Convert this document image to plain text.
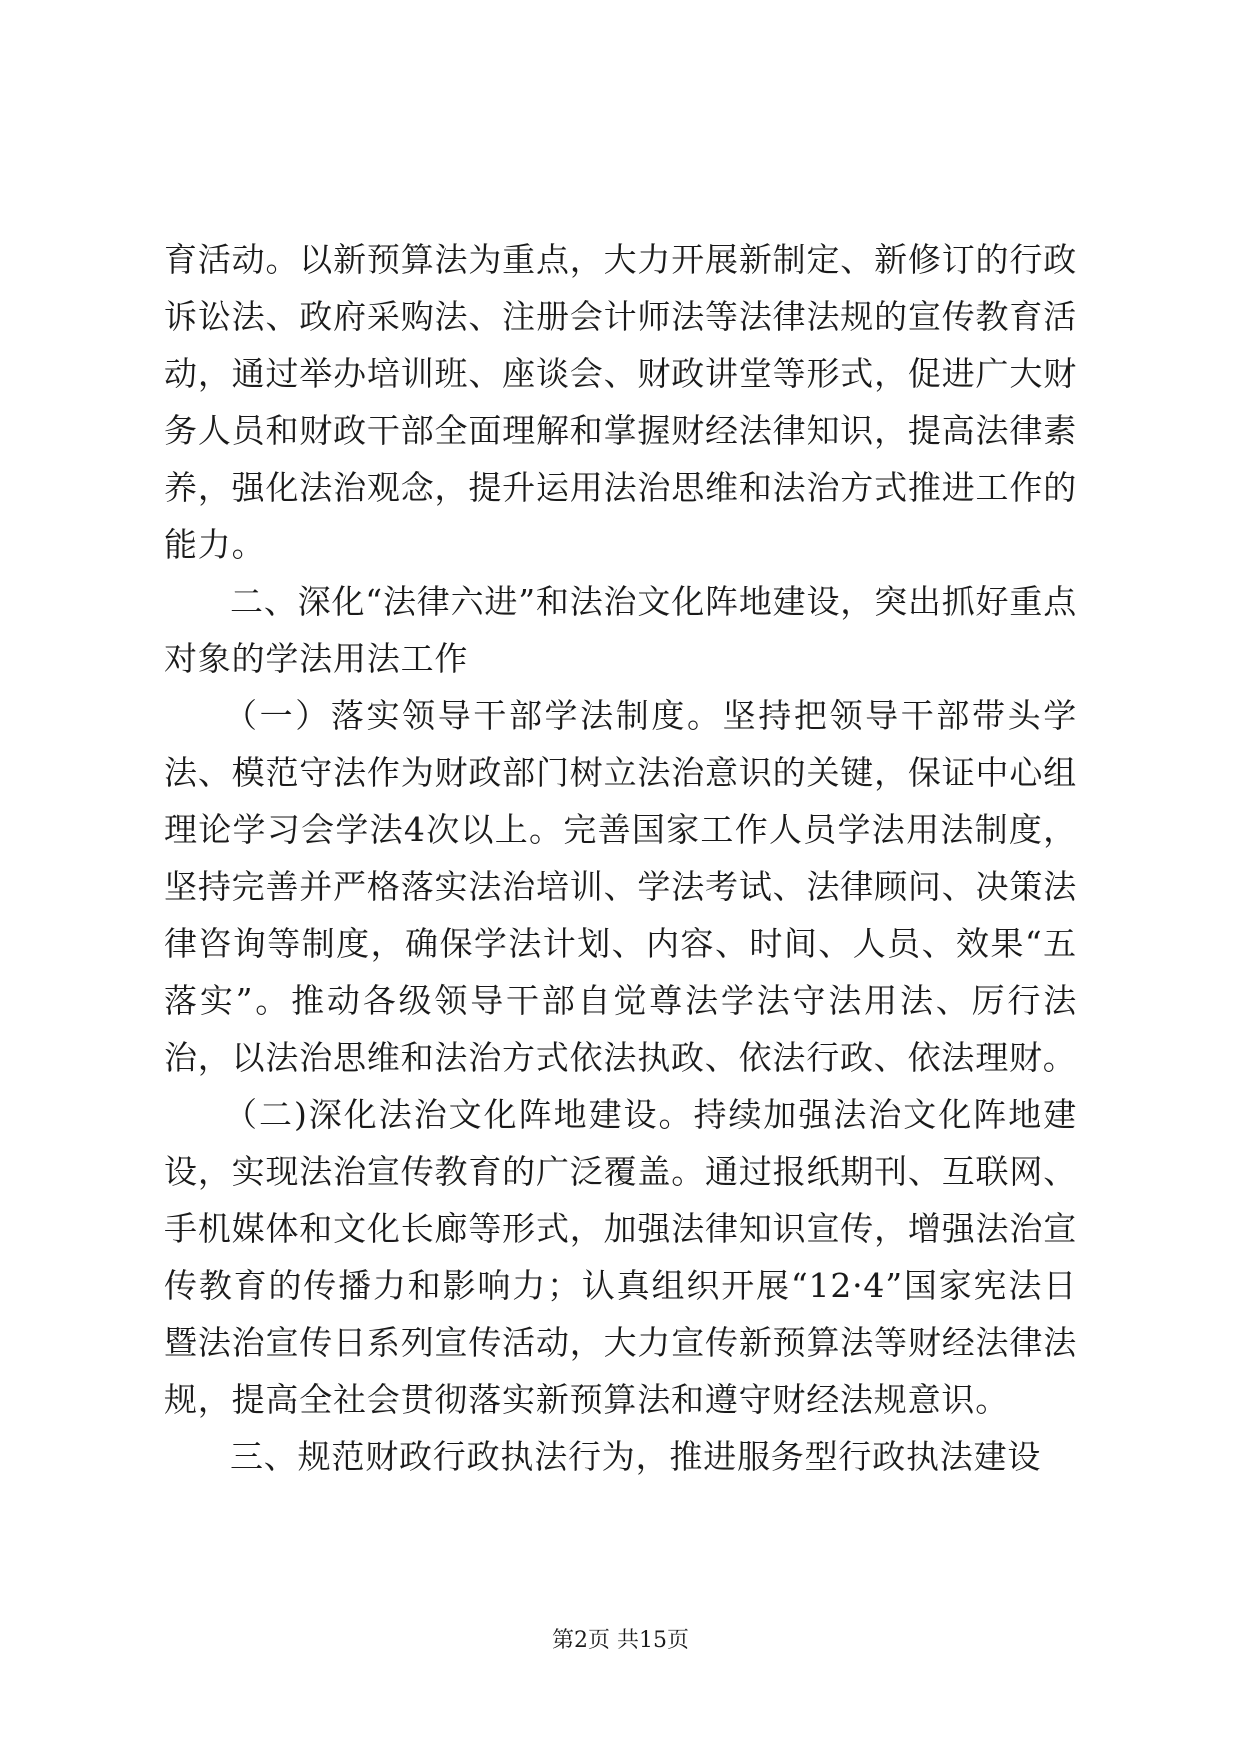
育活动。以新预算法为重点，大力开展新制定、新修订的行政诉讼法、政府采购法、注册会计师法等法律法规的宣传教育活动，通过举办培训班、座谈会、财政讲堂等形式，促进广大财务人员和财政干部全面理解和掌握财经法律知识，提高法律素养，强化法治观念，提升运用法治思维和法治方式推进工作的能力。

二、深化“法律六进”和法治文化阵地建设，突出抓好重点对象的学法用法工作

（一）落实领导干部学法制度。坚持把领导干部带头学法、模范守法作为财政部门树立法治意识的关键，保证中心组理论学习会学法4次以上。完善国家工作人员学法用法制度，坚持完善并严格落实法治培训、学法考试、法律顾问、决策法律咨询等制度，确保学法计划、内容、时间、人员、效果“五落实”。推动各级领导干部自觉尊法学法守法用法、厉行法治，以法治思维和法治方式依法执政、依法行政、依法理财。

（二)深化法治文化阵地建设。持续加强法治文化阵地建设，实现法治宣传教育的广泛覆盖。通过报纸期刊、互联网、手机媒体和文化长廊等形式，加强法律知识宣传，增强法治宣传教育的传播力和影响力；认真组织开展“12·4”国家宪法日暨法治宣传日系列宣传活动，大力宣传新预算法等财经法律法规，提高全社会贯彻落实新预算法和遵守财经法规意识。

三、规范财政行政执法行为，推进服务型行政执法建设

第2页 共15页
